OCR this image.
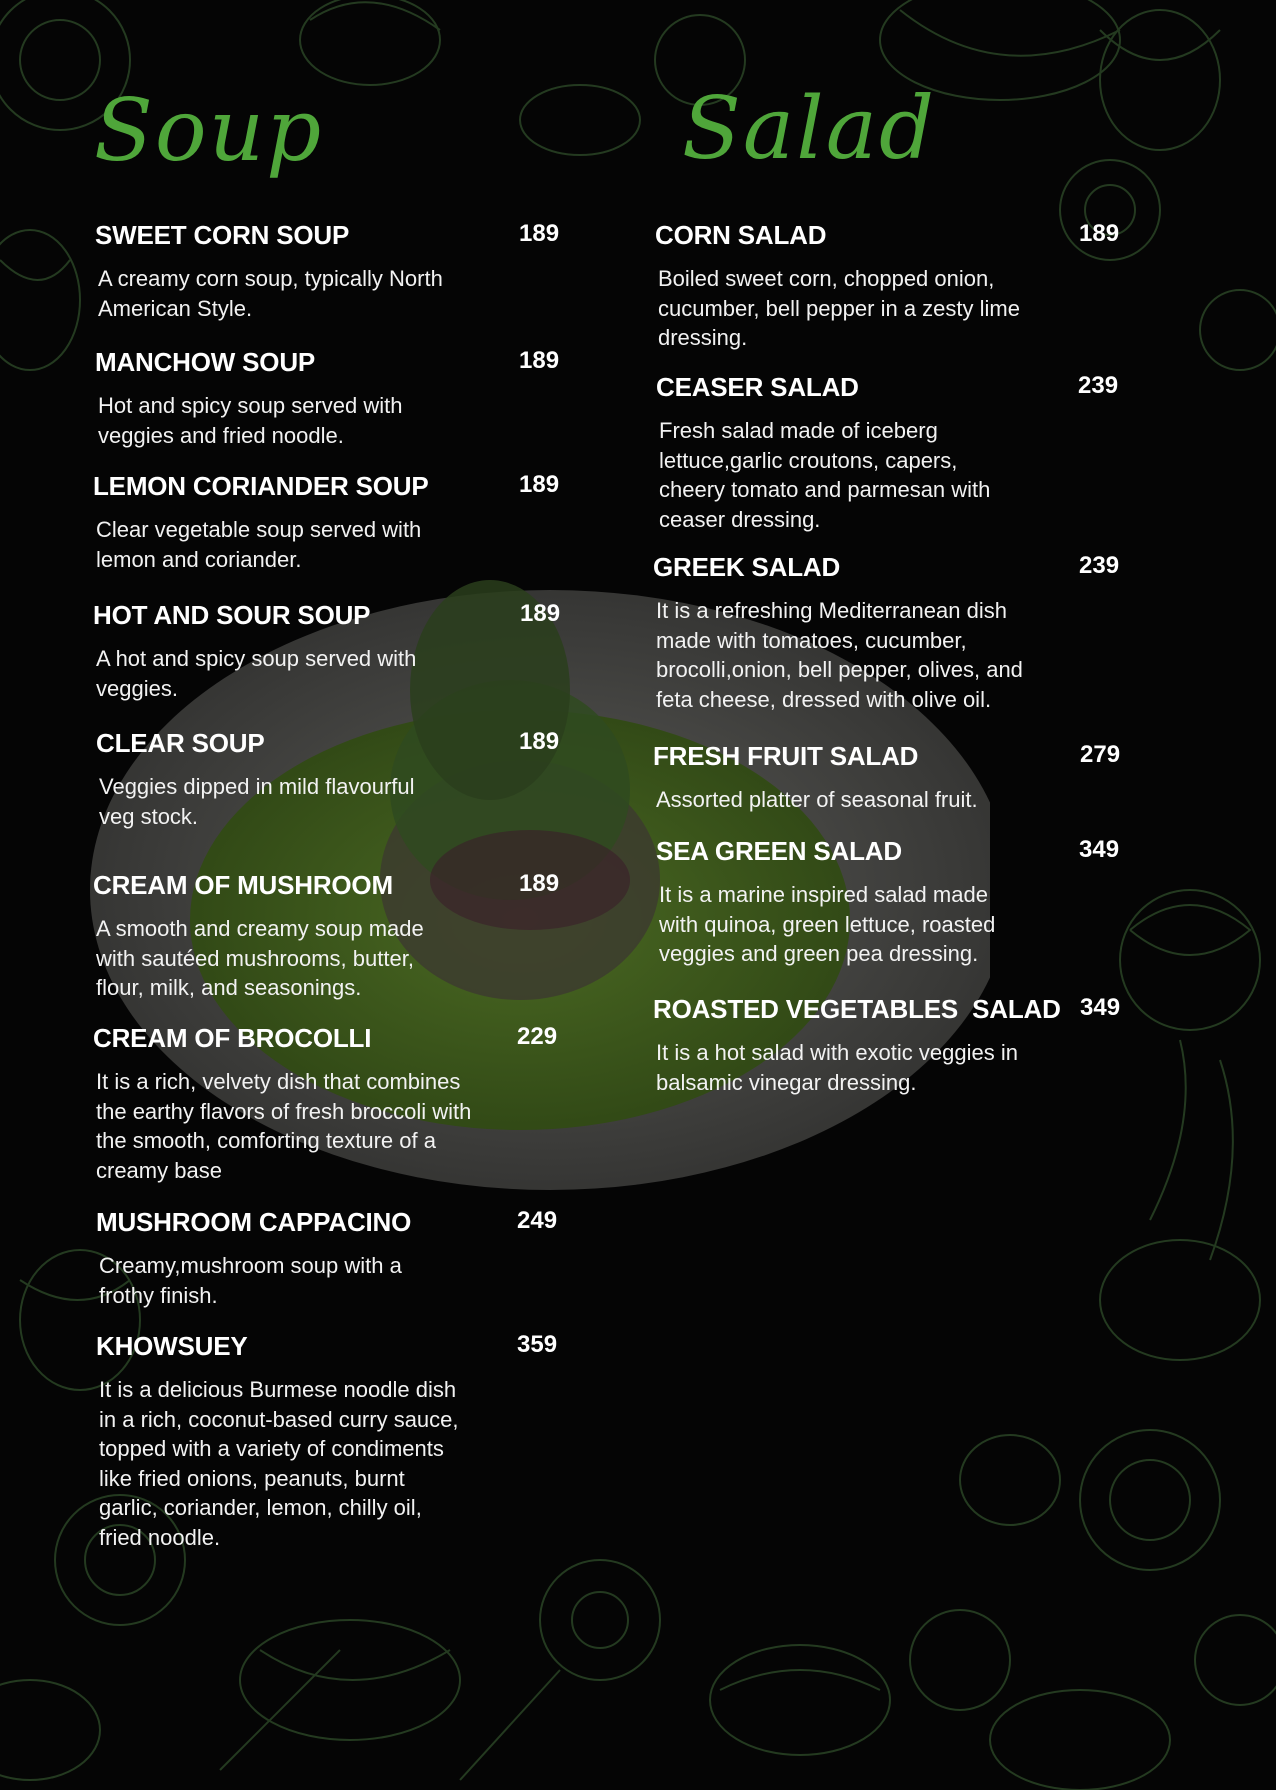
Soup	Salad
SWEET CORN SOUP	189
A creamy corn soup, typically North American Style.
MANCHOW SOUP	189
Hot and spicy soup served with veggies and fried noodle.
LEMON CORIANDER SOUP	189
Clear vegetable soup served with lemon and coriander.
HOT AND SOUR SOUP	189
A hot and spicy soup served with veggies.
CLEAR SOUP	189
Veggies dipped in mild flavourful veg stock.
CREAM OF MUSHROOM	189
A smooth and creamy soup made with sautéed mushrooms, butter, flour, milk, and seasonings.
CREAM OF BROCOLLI	229
It is a rich, velvety dish that combines the earthy flavors of fresh broccoli with the smooth, comforting texture of a creamy base
MUSHROOM CAPPACINO	249
Creamy,mushroom soup with a frothy finish.
KHOWSUEY	359
It is a delicious Burmese noodle dish in a rich, coconut-based curry sauce, topped with a variety of condiments like fried onions, peanuts, burnt garlic, coriander, lemon, chilly oil, fried noodle.
CORN SALAD	189
Boiled sweet corn, chopped onion, cucumber, bell pepper in a zesty lime dressing.
CEASER SALAD	239
Fresh salad made of iceberg lettuce,garlic croutons, capers, cheery tomato and parmesan with ceaser dressing.
GREEK SALAD	239
It is a refreshing Mediterranean dish made with tomatoes, cucumber, brocolli,onion, bell pepper, olives, and feta cheese, dressed with olive oil.
FRESH FRUIT SALAD	279
Assorted platter of seasonal fruit.
SEA GREEN SALAD	349
It is a marine inspired salad made with quinoa, green lettuce, roasted veggies and green pea dressing.
ROASTED VEGETABLES  SALAD 349
It is a hot salad with exotic veggies in balsamic vinegar dressing.
